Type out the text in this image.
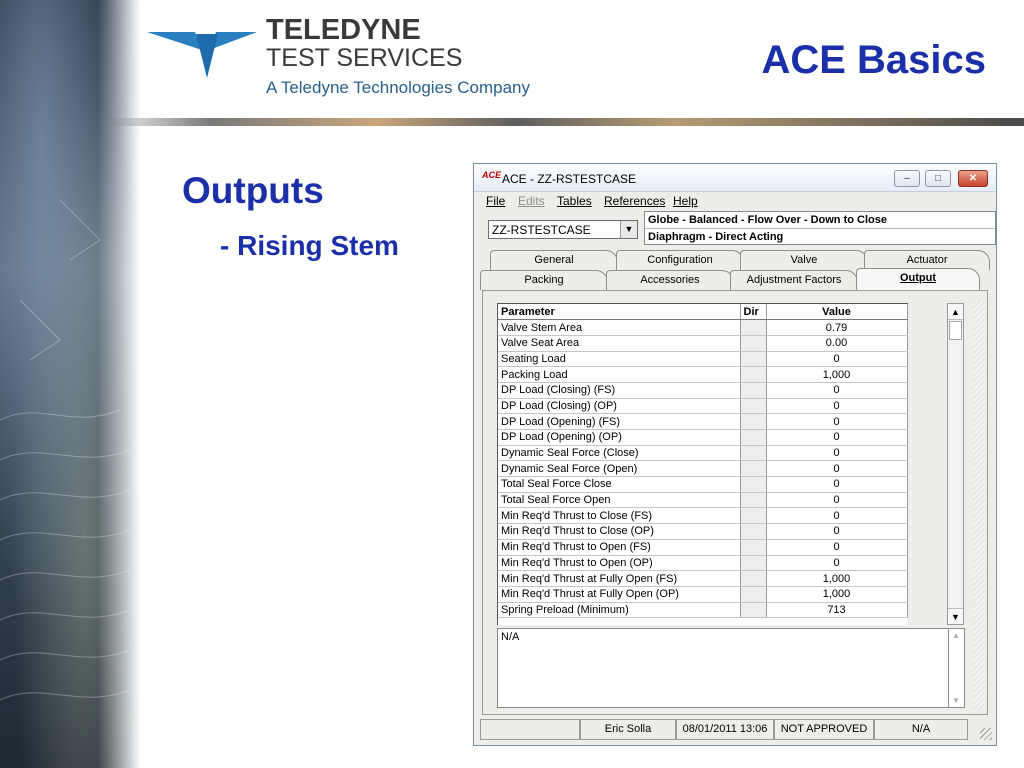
TELEDYNE
TEST SERVICES
A Teledyne Technologies Company
ACE Basics
Outputs
- Rising Stem
ACE ACE - ZZ-RSTESTCASE	–	□	✕
File Edits Tables References Help
ZZ-RSTESTCASE	▼
Globe - Balanced - Flow Over - Down to Close
Diaphragm - Direct Acting
General	Configuration	Valve	Actuator
Packing	Accessories	Adjustment Factors	Output
Parameter	Dir	Value
Valve Stem Area		0.79
Valve Seat Area		0.00
Seating Load		0
Packing Load		1,000
DP Load (Closing) (FS)		0
DP Load (Closing) (OP)		0
DP Load (Opening) (FS)		0
DP Load (Opening) (OP)		0
Dynamic Seal Force (Close)		0
Dynamic Seal Force (Open)		0
Total Seal Force Close		0
Total Seal Force Open		0
Min Req'd Thrust to Close (FS)		0
Min Req'd Thrust to Close (OP)		0
Min Req'd Thrust to Open (FS)		0
Min Req'd Thrust to Open (OP)		0
Min Req'd Thrust at Fully Open (FS)		1,000
Min Req'd Thrust at Fully Open (OP)		1,000
Spring Preload (Minimum)		713
▲
▼
N/A	▲
▼
Eric Solla	08/01/2011 13:06	NOT APPROVED	N/A
